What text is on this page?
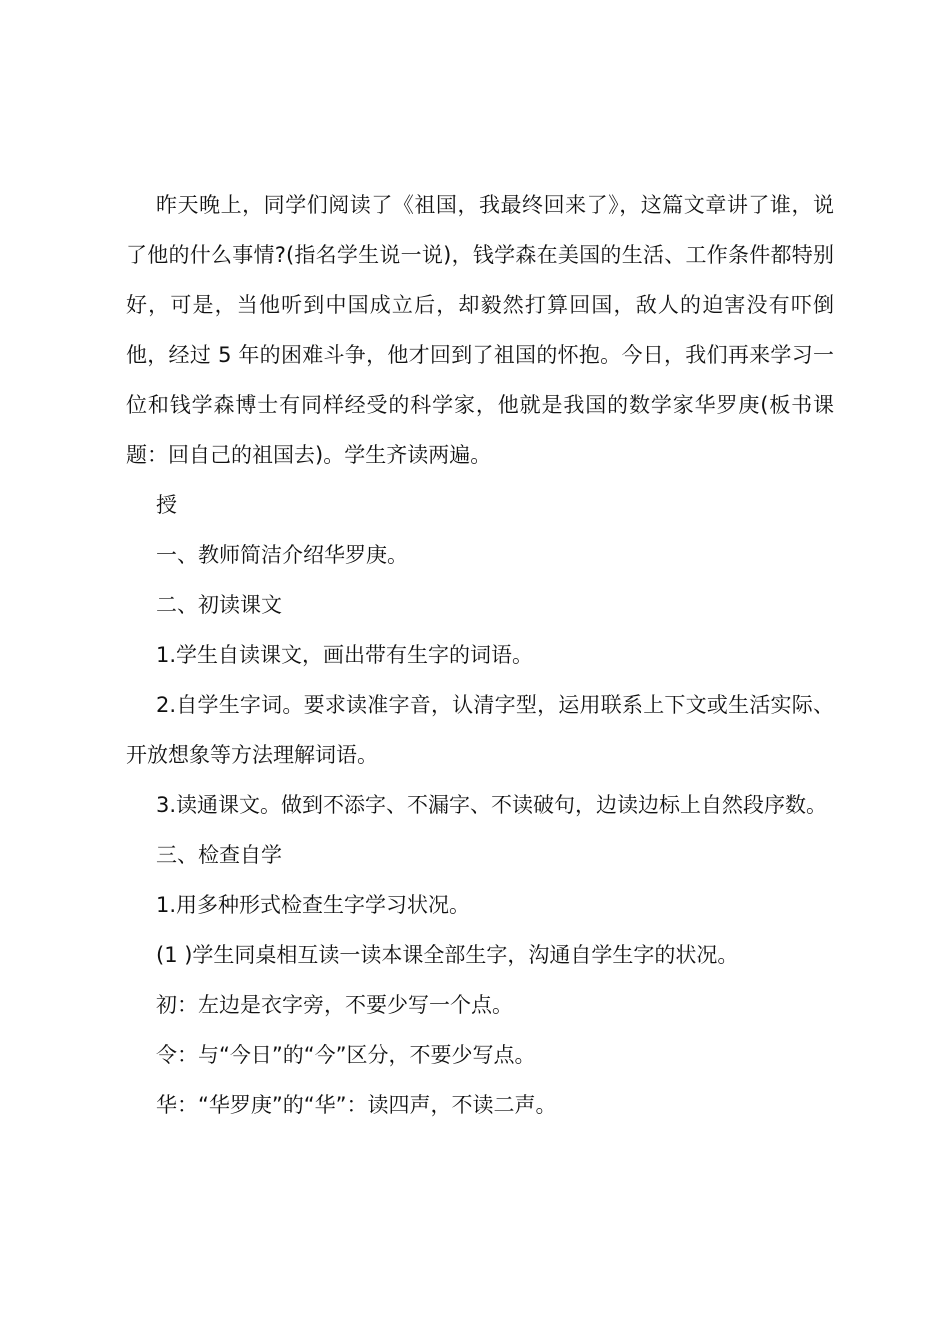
昨天晚上，同学们阅读了《祖国，我最终回来了》，这篇文章讲了谁，说了他的什么事情?(指名学生说一说)，钱学森在美国的生活、工作条件都特别好，可是，当他听到中国成立后，却毅然打算回国，敌人的迫害没有吓倒他，经过 5 年的困难斗争，他才回到了祖国的怀抱。今日，我们再来学习一位和钱学森博士有同样经受的科学家，他就是我国的数学家华罗庚(板书课题：回自己的祖国去)。学生齐读两遍。

授

一、教师简洁介绍华罗庚。

二、初读课文

1.学生自读课文，画出带有生字的词语。

2.自学生字词。要求读准字音，认清字型，运用联系上下文或生活实际、开放想象等方法理解词语。

3.读通课文。做到不添字、不漏字、不读破句，边读边标上自然段序数。

三、检查自学

1.用多种形式检查生字学习状况。

(1 )学生同桌相互读一读本课全部生字，沟通自学生字的状况。

初：左边是衣字旁，不要少写一个点。

令：与“今日”的“今”区分，不要少写点。

华：“华罗庚”的“华”：读四声，不读二声。
